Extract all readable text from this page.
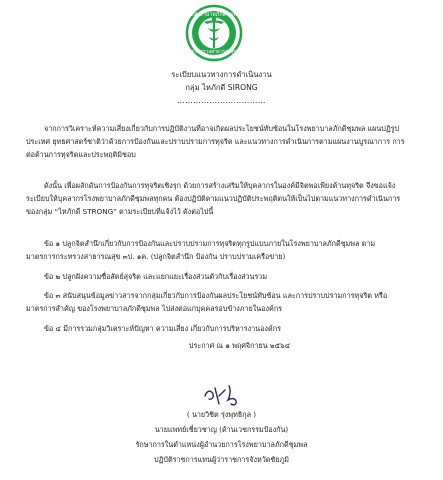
โรงพยาบาลภักดีชุมพล
กระทรวงสาธารณสุข
ระเบียบแนวทางการดำเนินงาน
กลุ่ม ไหภักดี SIRONG
……………………………
จากการวิเคราะห์ความเสี่ยงเกี่ยวกับการปฏิบัติงานที่อาจเกิดผลประโยชน์ทับซ้อนในโรงพยาบาลภักดีชุมพล แผนปฏิรูป
ประเทศ ยุทธศาสตร์ชาติว่าด้วยการป้องกันและปราบปรามการทุจริต และแนวทางการดำเนินการตามแผนงานบูรณาการ การ
ต่อต้านการทุจริตและประพฤติมิชอบ
ดังนั้น เพื่อผลักดันการป้องกันการทุจริตเชิงรุก ด้วยการสร้างเสริมให้บุคลากรในองค์มีจิตพอเพียงต้านทุจริต จึงขอแจ้ง
ระเบียบให้บุคลากรโรงพยาบาลภักดีชุมพลทุกคน ต้องปฏิบัติตามแนวปฏิบัติประพฤติตนให้เป็นไปตามแนวทางการดำเนินการ
ของกลุ่ม “ไหภักดี STRONG” ตามระเบียบที่แจ้งไว้ ดังต่อไปนี้
ข้อ ๑ ปลูกจิตสำนึกเกี่ยวกับการป้องกันและปราบปรามการทุจริตทุกรูปแบบภายในโรงพยาบาลภักดีชุมพล ตาม
มาตรการกระทรวงสาธารณสุข ๓ป. ๑ค. (ปลูกจิตสำนึก ป้องกัน ปราบปรามเครือข่าย)
ข้อ ๒ ปลูกฝังความซื่อสัตย์สุจริต และแยกแยะเรื่องส่วนตัวกับเรื่องส่วนรวม
ข้อ ๓ สนับสนุนข้อมูลข่าวสารจากกลุ่มเกี่ยวกับการป้องกันผลประโยชน์ทับซ้อน และการปราบปรามการทุจริต หรือ
มาตรการสำคัญ ของโรงพยาบาลภักดีชุมพล ไปส่งต่อแก่บุคคลรอบข้างภายในองค์กร
ข้อ ๔ มีการรวมกลุ่มวิเคราะห์ปัญหา ความเสี่ยง เกี่ยวกับการบริหารงานองค์กร
ประกาศ ณ ๑ พฤศจิกายน ๒๕๖๔
( นายวิชิต รุ่งพุทธิกุล )
นายแพทย์เชี่ยวชาญ (ด้านเวชกรรมป้องกัน)
รักษาการในตำแหน่งผู้อำนวยการโรงพยาบาลภักดีชุมพล
ปฏิบัติราชการแทนผู้ว่าราชการจังหวัดชัยภูมิ
